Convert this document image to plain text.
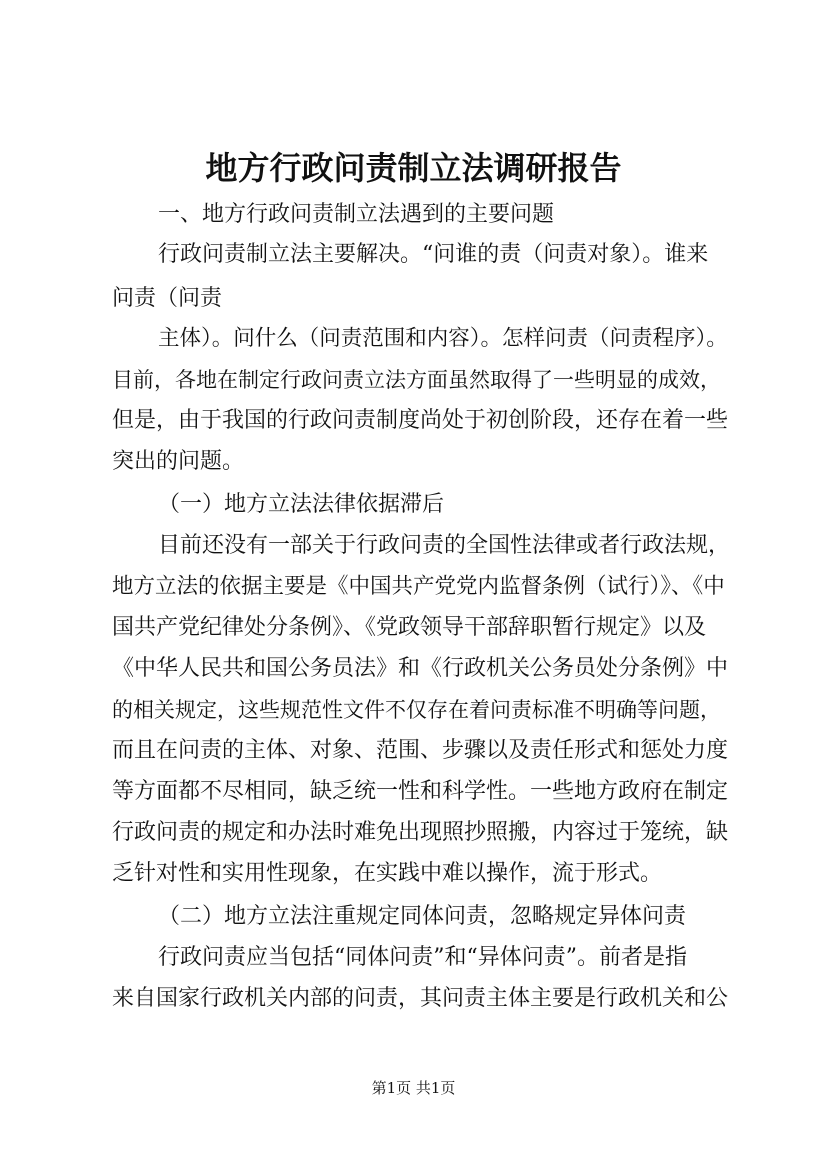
地方行政问责制立法调研报告
一、地方行政问责制立法遇到的主要问题
行政问责制立法主要解决。“问谁的责（问责对象）。谁来
问责（问责
主体）。问什么（问责范围和内容）。怎样问责（问责程序）。
目前，各地在制定行政问责立法方面虽然取得了一些明显的成效，
但是，由于我国的行政问责制度尚处于初创阶段，还存在着一些
突出的问题。
（一）地方立法法律依据滞后
目前还没有一部关于行政问责的全国性法律或者行政法规，
地方立法的依据主要是《中国共产党党内监督条例（试行）》、《中
国共产党纪律处分条例》、《党政领导干部辞职暂行规定》以及
《中华人民共和国公务员法》和《行政机关公务员处分条例》中
的相关规定，这些规范性文件不仅存在着问责标准不明确等问题，
而且在问责的主体、对象、范围、步骤以及责任形式和惩处力度
等方面都不尽相同，缺乏统一性和科学性。一些地方政府在制定
行政问责的规定和办法时难免出现照抄照搬，内容过于笼统，缺
乏针对性和实用性现象，在实践中难以操作，流于形式。
（二）地方立法注重规定同体问责，忽略规定异体问责
行政问责应当包括“同体问责”和“异体问责”。前者是指
来自国家行政机关内部的问责，其问责主体主要是行政机关和公
第1页 共1页
